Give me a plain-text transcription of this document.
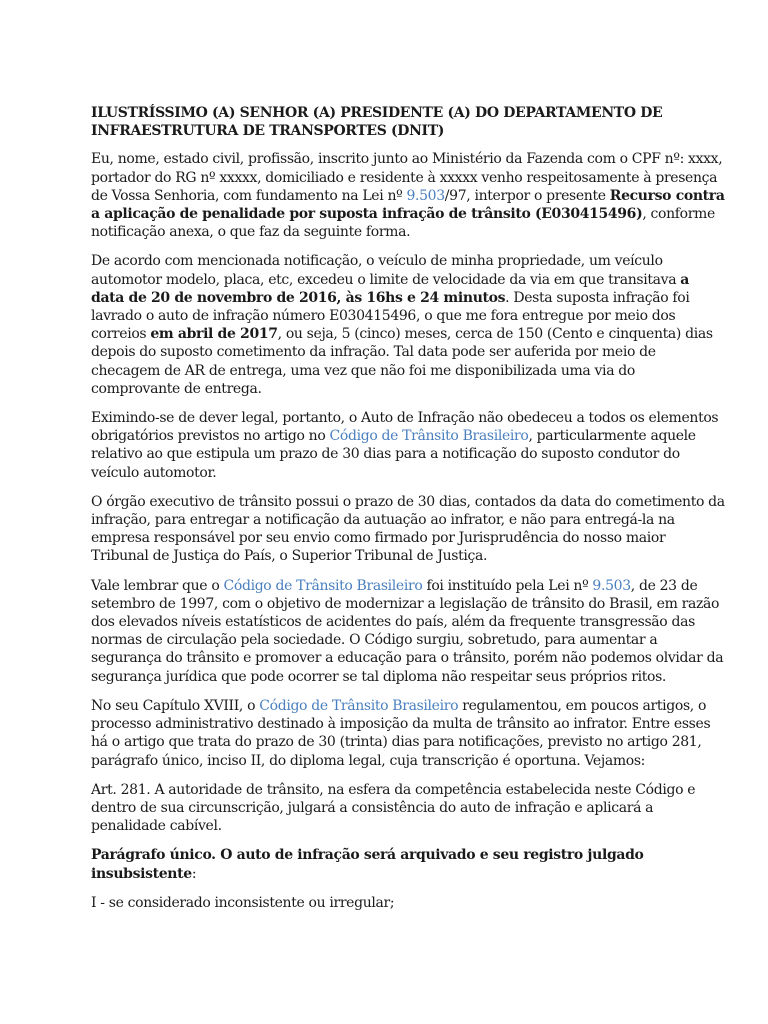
ILUSTRÍSSIMO (A) SENHOR (A) PRESIDENTE (A) DO DEPARTAMENTO DE INFRAESTRUTURA DE TRANSPORTES (DNIT)

Eu, nome, estado civil, profissão, inscrito junto ao Ministério da Fazenda com o CPF nº: xxxx, portador do RG nº xxxxx, domiciliado e residente à xxxxx venho respeitosamente à presença de Vossa Senhoria, com fundamento na Lei nº 9.503/97, interpor o presente Recurso contra a aplicação de penalidade por suposta infração de trânsito (E030415496), conforme notificação anexa, o que faz da seguinte forma.

De acordo com mencionada notificação, o veículo de minha propriedade, um veículo automotor modelo, placa, etc, excedeu o limite de velocidade da via em que transitava a data de 20 de novembro de 2016, às 16hs e 24 minutos. Desta suposta infração foi lavrado o auto de infração número E030415496, o que me fora entregue por meio dos correios em abril de 2017, ou seja, 5 (cinco) meses, cerca de 150 (Cento e cinquenta) dias depois do suposto cometimento da infração. Tal data pode ser auferida por meio de checagem de AR de entrega, uma vez que não foi me disponibilizada uma via do comprovante de entrega.

Eximindo-se de dever legal, portanto, o Auto de Infração não obedeceu a todos os elementos obrigatórios previstos no artigo no Código de Trânsito Brasileiro, particularmente aquele relativo ao que estipula um prazo de 30 dias para a notificação do suposto condutor do veículo automotor.

O órgão executivo de trânsito possui o prazo de 30 dias, contados da data do cometimento da infração, para entregar a notificação da autuação ao infrator, e não para entregá-la na empresa responsável por seu envio como firmado por Jurisprudência do nosso maior Tribunal de Justiça do País, o Superior Tribunal de Justiça.

Vale lembrar que o Código de Trânsito Brasileiro foi instituído pela Lei nº 9.503, de 23 de setembro de 1997, com o objetivo de modernizar a legislação de trânsito do Brasil, em razão dos elevados níveis estatísticos de acidentes do país, além da frequente transgressão das normas de circulação pela sociedade. O Código surgiu, sobretudo, para aumentar a segurança do trânsito e promover a educação para o trânsito, porém não podemos olvidar da segurança jurídica que pode ocorrer se tal diploma não respeitar seus próprios ritos.

No seu Capítulo XVIII, o Código de Trânsito Brasileiro regulamentou, em poucos artigos, o processo administrativo destinado à imposição da multa de trânsito ao infrator. Entre esses há o artigo que trata do prazo de 30 (trinta) dias para notificações, previsto no artigo 281, parágrafo único, inciso II, do diploma legal, cuja transcrição é oportuna. Vejamos:

Art. 281. A autoridade de trânsito, na esfera da competência estabelecida neste Código e dentro de sua circunscrição, julgará a consistência do auto de infração e aplicará a penalidade cabível.

Parágrafo único. O auto de infração será arquivado e seu registro julgado insubsistente:

I - se considerado inconsistente ou irregular;
